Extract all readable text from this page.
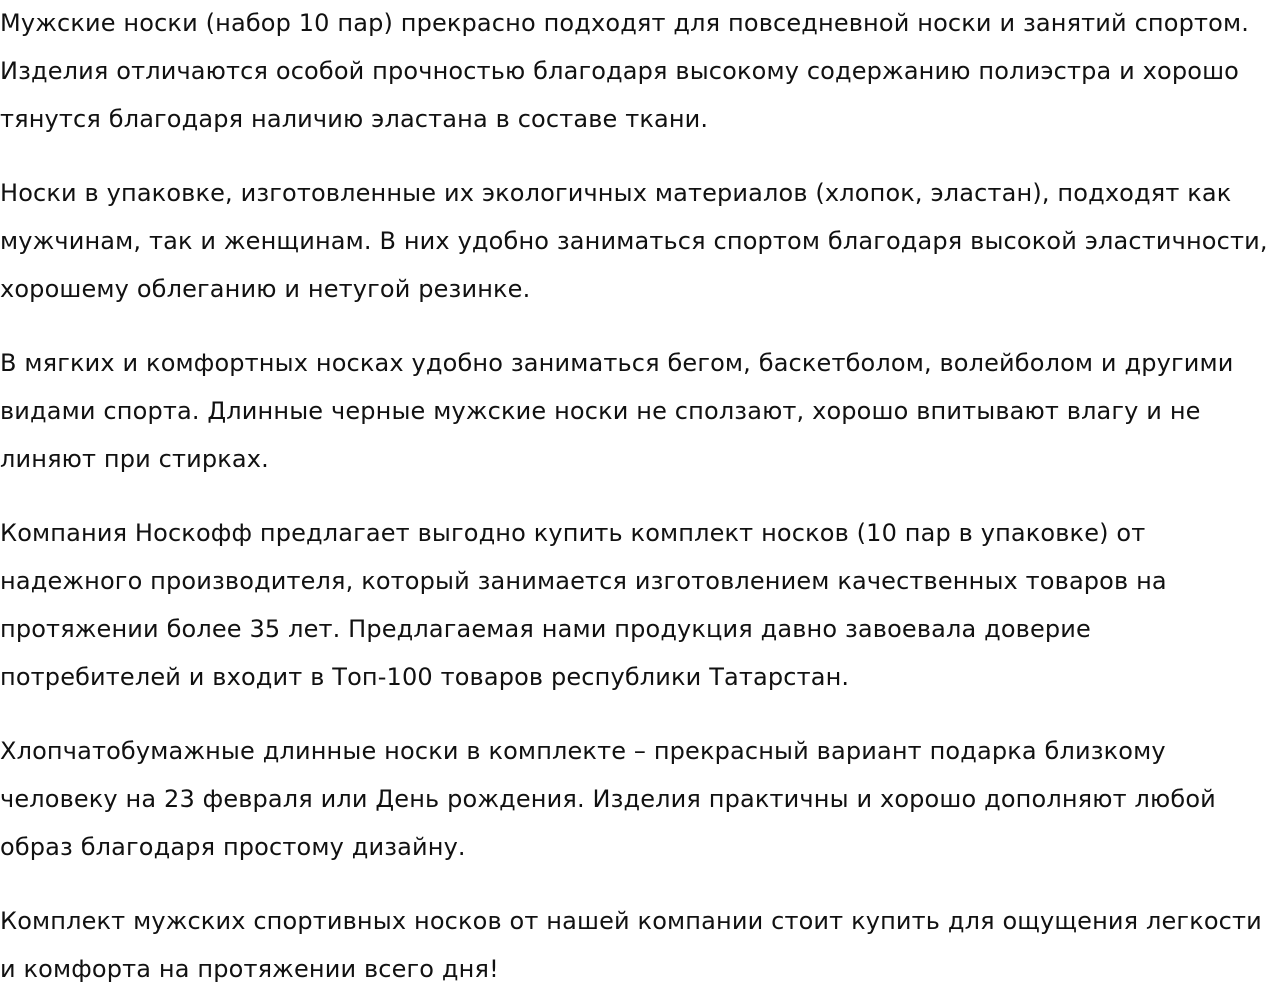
Мужские носки (набор 10 пар) прекрасно подходят для повседневной носки и занятий спортом. Изделия отличаются особой прочностью благодаря высокому содержанию полиэстра и хорошо тянутся благодаря наличию эластана в составе ткани.

Носки в упаковке, изготовленные их экологичных материалов (хлопок, эластан), подходят как мужчинам, так и женщинам. В них удобно заниматься спортом благодаря высокой эластичности, хорошему облеганию и нетугой резинке.

В мягких и комфортных носках удобно заниматься бегом, баскетболом, волейболом и другими видами спорта. Длинные черные мужские носки не сползают, хорошо впитывают влагу и не линяют при стирках.

Компания Носкофф предлагает выгодно купить комплект носков (10 пар в упаковке) от надежного производителя, который занимается изготовлением качественных товаров на протяжении более 35 лет. Предлагаемая нами продукция давно завоевала доверие потребителей и входит в Топ-100 товаров республики Татарстан.

Хлопчатобумажные длинные носки в комплекте – прекрасный вариант подарка близкому человеку на 23 февраля или День рождения. Изделия практичны и хорошо дополняют любой образ благодаря простому дизайну.

Комплект мужских спортивных носков от нашей компании стоит купить для ощущения легкости и комфорта на протяжении всего дня!
